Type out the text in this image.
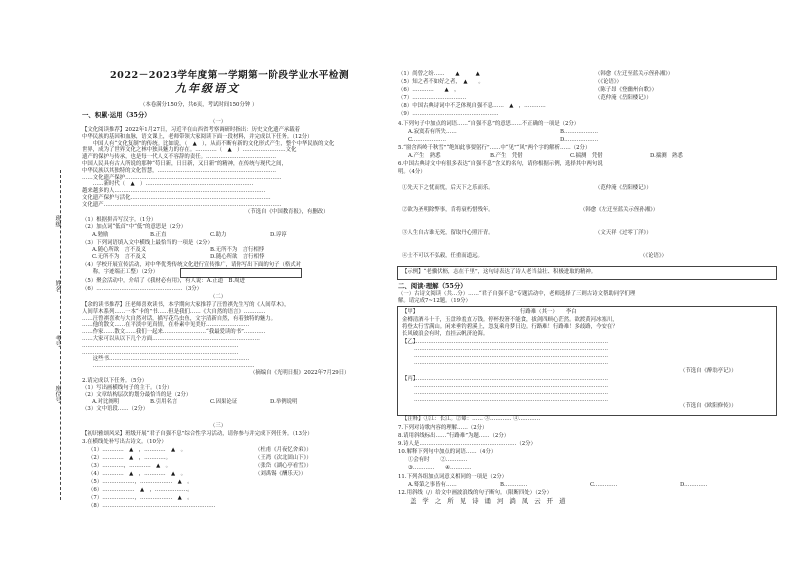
班级
姓名
考号
座位号
2022－2023学年度第一学期第一阶段学业水平检测
九年级语文
（本卷满分150分，共6页，考试时间150分钟 ）
一、积累·运用（35分）
（一）
【文化阅读推荐】2022年1月27日，习近平在山西省考察调研时指出：历史文化遗产承载着
中华民族的基因和血脉，语文课上，老师带领大家阅读下面一段材料，并完成以下任务。（12分）
　　中国人有“文化复制”的传统。比如说，（　▲　），从而不断有新的文化形式产生，整个中华民族的文化
世界，成为了世界文化之林中独具魅力的存在。…………（　▲　）……………………文化
遗产的保护与传承，也是每一代人义不容辞的责任。…………………………………
中国人民具有古人所说的那种“苟日新，日日新，又日新”的精神，在传统与现代之间，
中华民族以其独特的文化智慧，…………………………………………………………
……文化遗产保护……………………………………………………………………………
　　……新时代（　▲　）……………………………………………………
越来越多的人…………………………………………………………………………
文化遗产保护与活化……………………………………………………………………
文化遗产………………………………………………………………………………………
（节选自《中国教育报》，有删改）
（1）根据拼音写汉字。（1分）
（2）加点词“低首”中“低”的意思是（2分）
A.勉励	B.正直	C.助力	D.谆谆
（3）下列词语填入文中横线上最恰当的一项是（2分）
A.随心所欲　言不及义	B.无所不为　言行相悖
C.无所不为　言不及义	D.随心所欲　言行相悖
（4）学校开展宣传活动，对中华优秀传统文化进行宣传推广，请你写出下面的句子（格式对
　　称，字迹端正工整）（2分）
（5）聚会活动中，介绍了《我材必有用》，有人说：A.正道　B.周进
（6）…………………………………………（3分）
（二）
【余的读书推荐】汪老师喜欢读书，本学期向大家推荐了汪曾祺先生写的《人间草木》，
人间草木系列……一本“卡的”书……但是我们……《大自然的语言》…………
……汪曾祺喜欢与大自然对话，描写花鸟虫鱼，文字清新自然，有着独特的魅力。
……他的散文……在平淡中见真情，在朴素中见美好……………………
……作家……散文……我们一起来……………………“我最爱读的书”…………
……大家可以从以下几个方面……………………………………………………
……………………………………………………………………………
……………………………………………………………………………
　　这些书……………………………………………………………………
　　………………………………………………………………………………
（摘编自《光明日报》2022年7月29日）
2.请完成以下任务。（5分）
（1）写出画横线句子的主干。（1分）
（2）文章结构层次的划分最恰当的是（2分）
A.对比阐明	B.引用名言	C.因果论证	D.举例说明
（3）文中语段……（2分）
（三）
【初识雅颂风采】班级开展“君子自强不息”综合性学习活动，请你参与并完成下列任务。（13分）
3.在横线处补写出古诗文。（10分）
（1）…………　▲　，…………　▲　。
（2）…………　▲　，…………。
（3）…………，…………　▲　。
（4）…………　▲　，…………　▲　。
（杜甫《月夜忆舍弟》）
（王湾《次北固山下》）
（张岱《湖心亭看雪》）
（刘禹锡《酬乐天》）
（5）………………，………………　▲　。
（6）………………　▲　，………………。
（7）………………，………………　▲　。
（8）………………………………………………………
（1）尚曾之纷……　　▲　　　▲
（5）知之者不如好之者，　▲　　。
（6）…………　　▲　，
（7）…………………………
（8）中国古典诗词中不乏体现自强不息……　▲　，…………
（9）…………………………………………
（韩愈《左迁至蓝关示侄孙湘》）
（《论语》）
（陈子昂《登幽州台歌》）
（范仲淹《岳阳楼记》）
4.下列句子中加点的词语……“自强不息”的意思……不正确的一项是（2分）
A.寂寞若有所失……	B.………………
C.………………	D.………………
5.“窗含西岭千秋雪”“绝知此事要躬行”……中“见”“风”两个字的解析……（2分）
A.产生　熟悉	B.产生　凭借	C.揣测　凭借	D.揣测　熟悉
6.中国古典诗文中有很多表达“自强不息”含义的名句，请你根据示例，选择其中两句说
明。（4分）
①先天下之忧而忧，后天下之乐而乐。	（范仲淹《岳阳楼记》）
②欲为圣明除弊事，肯将衰朽惜残年。	（韩愈《左迁至蓝关示侄孙湘》）
③人生自古谁无死，留取丹心照汗青。	（文天祥《过零丁洋》）
④士不可以不弘毅，任重而道远。	（《论语》）
【示例】“老骥伏枥，志在千里”，这句诗表达了诗人老当益壮、积极进取的精神。
二、阅读·理解（55分）
（一）古诗文阅读（共…分）……“君子自强不息”专题活动中，老师选择了三则古诗文帮助同学们理
解。请完成7~12题。（19分）
【甲】	行路难（其一）　　李白
金樽清酒斗十千，玉盘珍羞直万钱。停杯投箸不能食，拔剑四顾心茫然。欲渡黄河冰塞川，
将登太行雪满山。闲来垂钓碧溪上，忽复乘舟梦日边。行路难！行路难！多歧路，今安在？
长风破浪会有时，直挂云帆济沧海。
【乙】
………………………………………………………………………………………………
………………………………………………………………………………………………
………………………………………………………………………………………………
………………………………………………………………………………………………
（节选自《醉翁亭记》）
【丙】
………………………………………………………………………………………………
………………………………………………………………………………………………
………………………………………………………………………………………………
………………………………………………………………………………………………
（节选自《欧阳修传》）
【注释】①江：长江。②颦：…… ③………… ④…………
7.下列对诗歌内容的理解……（2分）
8.请用斜线标出……“行路难”为题……（2分）
9.诗人是………………………………………………（2分）
10.解释下列句中加点的词语……（4分）
①会有时　　②…………
③…………　　④…………
11.下列各组加点词意义相同的一项是（2分）
A.蓦第之事皆有……	B.…………	C.…………	D.…………
12.用斜线（/）给文中画波浪线的句子断句。（限断四处）（2分）
盖 学 之 所 见 诗 诵 河 淌 凤 云 开 道
